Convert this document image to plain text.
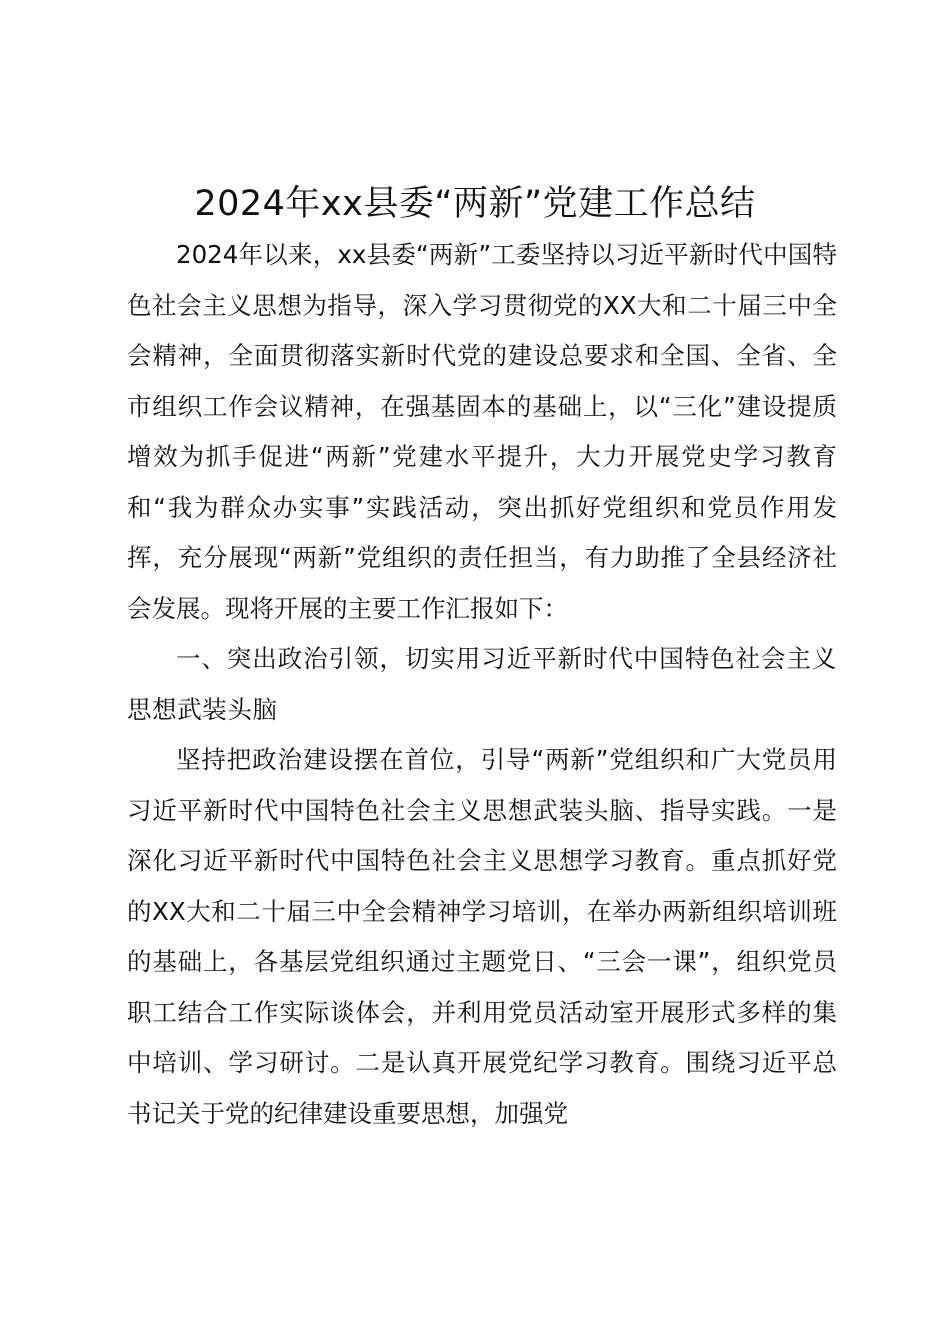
2024年xx县委“两新”党建工作总结

2024年以来，xx县委“两新”工委坚持以习近平新时代中国特色社会主义思想为指导，深入学习贯彻党的XX大和二十届三中全会精神，全面贯彻落实新时代党的建设总要求和全国、全省、全市组织工作会议精神，在强基固本的基础上，以“三化”建设提质增效为抓手促进“两新”党建水平提升，大力开展党史学习教育和“我为群众办实事”实践活动，突出抓好党组织和党员作用发挥，充分展现“两新”党组织的责任担当，有力助推了全县经济社会发展。现将开展的主要工作汇报如下：

一、突出政治引领，切实用习近平新时代中国特色社会主义思想武装头脑

坚持把政治建设摆在首位，引导“两新”党组织和广大党员用习近平新时代中国特色社会主义思想武装头脑、指导实践。一是深化习近平新时代中国特色社会主义思想学习教育。重点抓好党的XX大和二十届三中全会精神学习培训，在举办两新组织培训班的基础上，各基层党组织通过主题党日、“三会一课”，组织党员职工结合工作实际谈体会，并利用党员活动室开展形式多样的集中培训、学习研讨。二是认真开展党纪学习教育。围绕习近平总书记关于党的纪律建设重要思想，加强党
